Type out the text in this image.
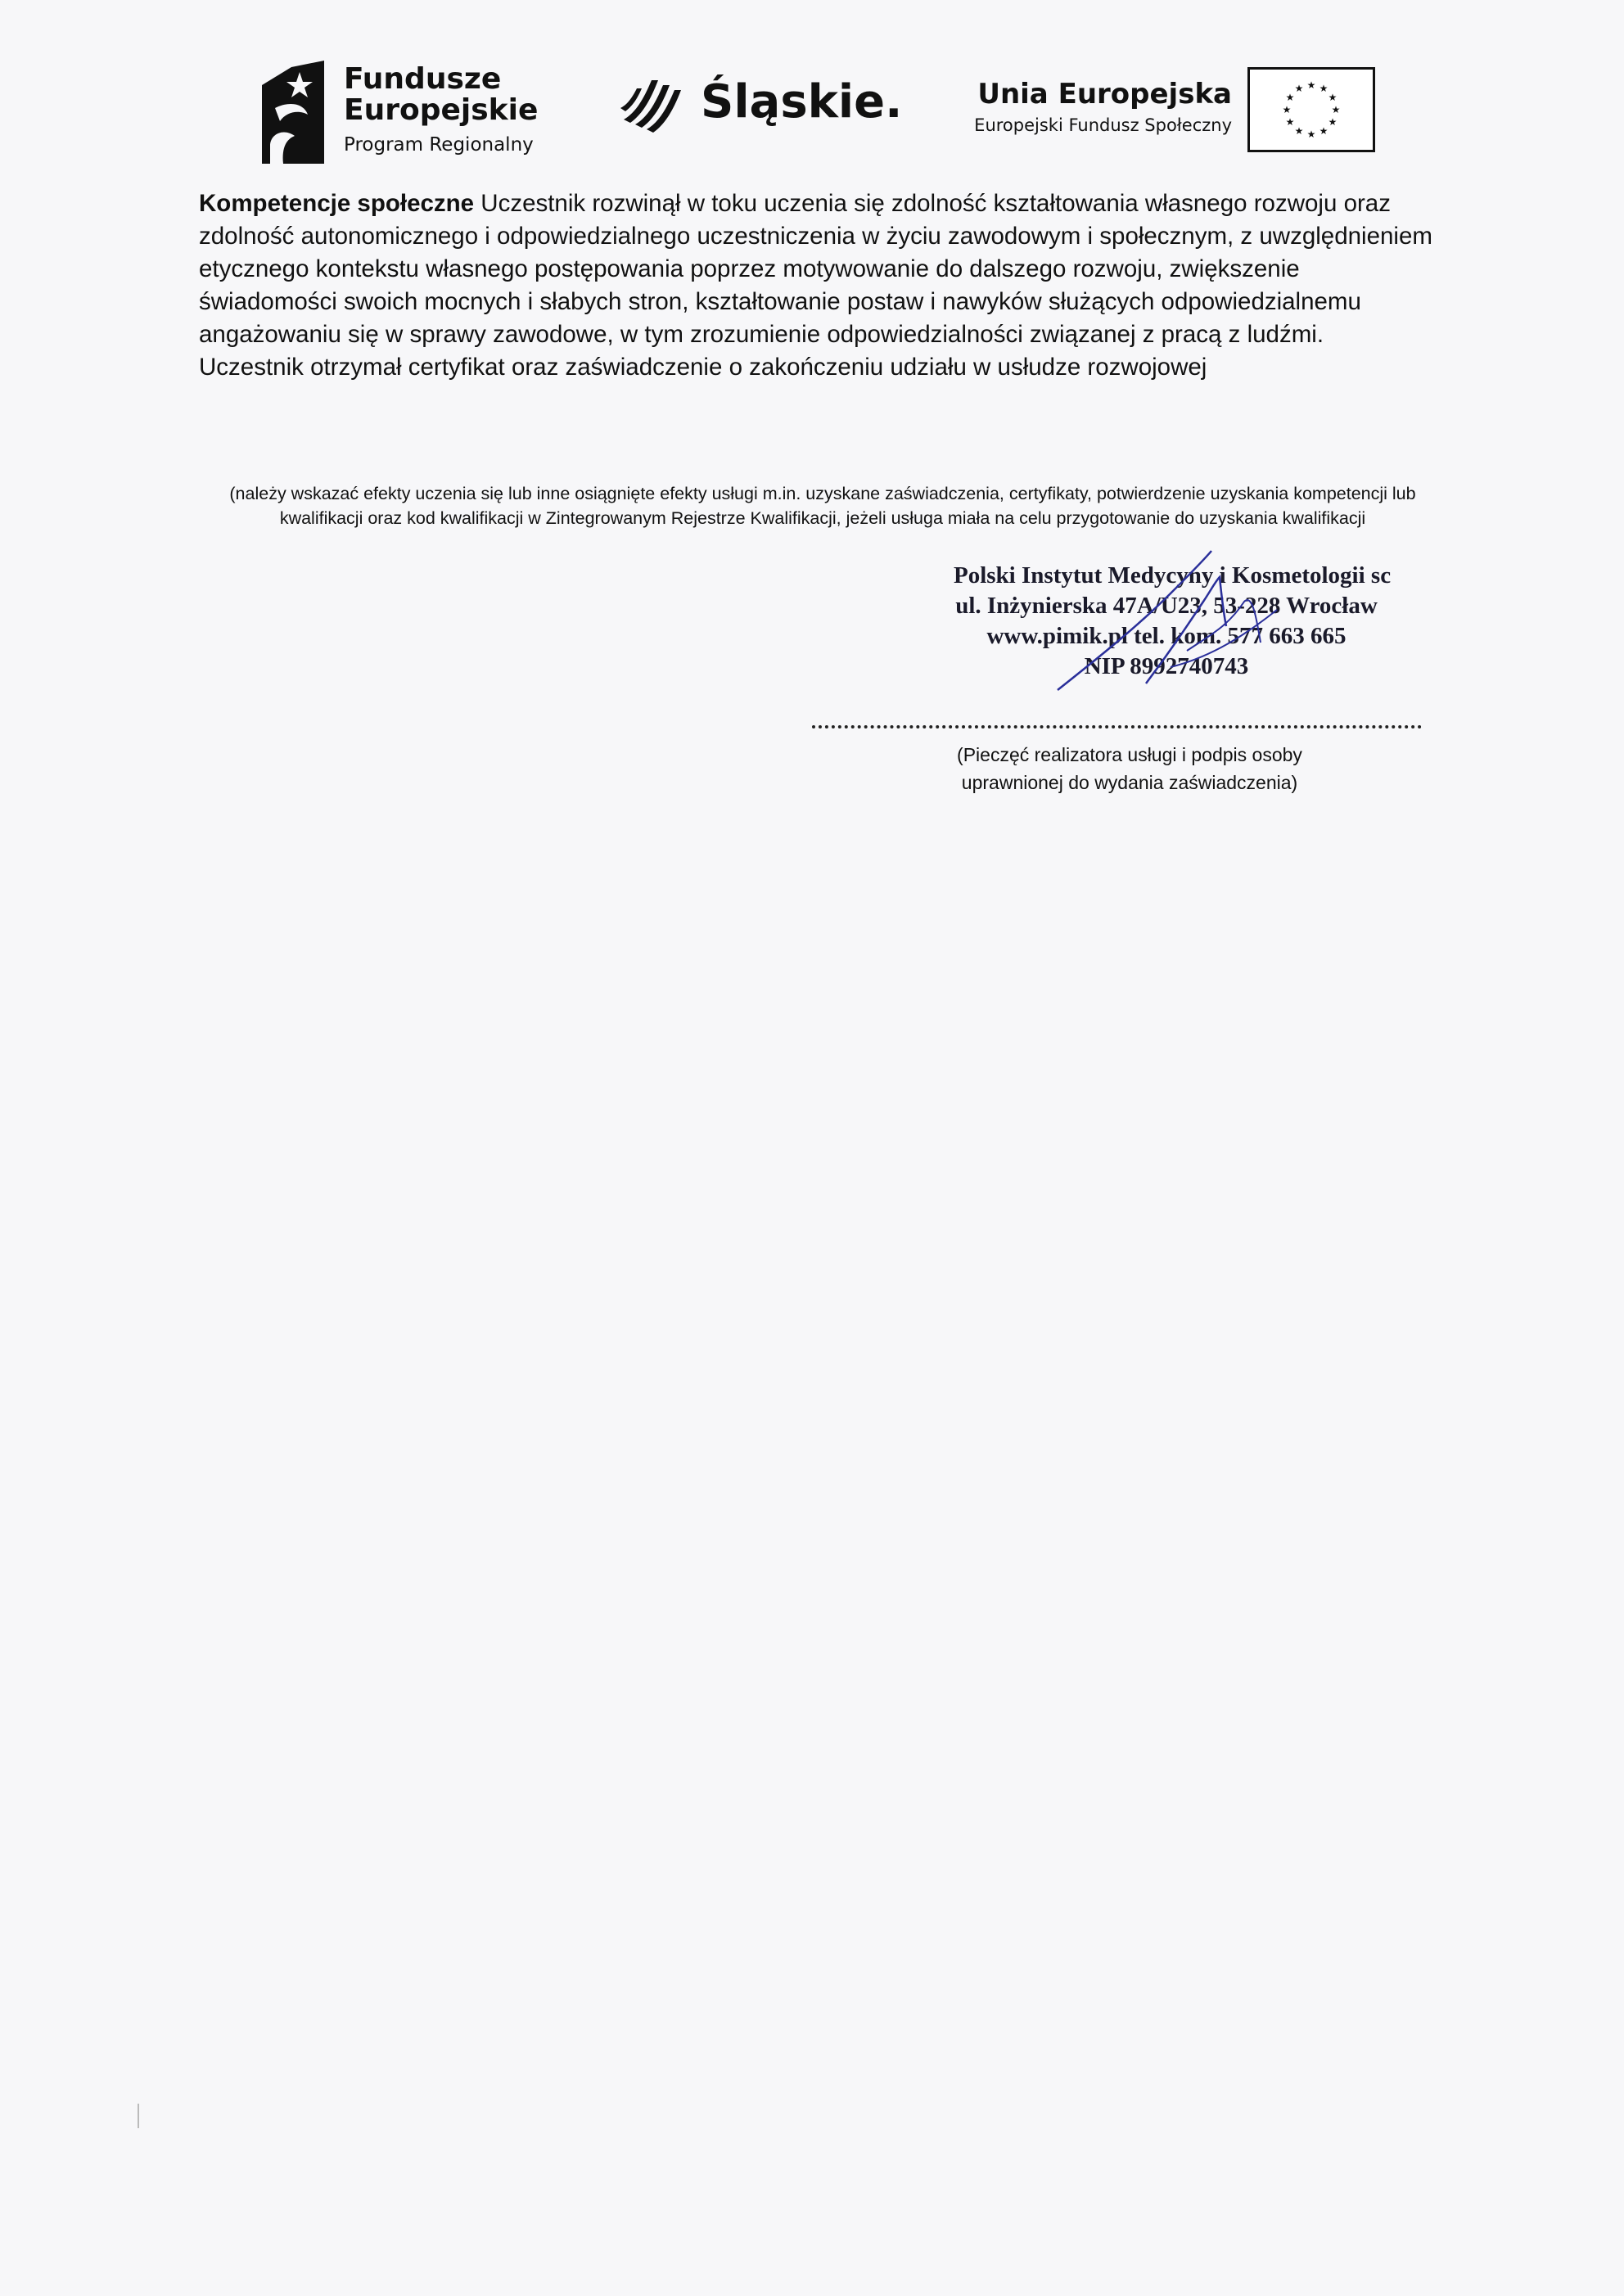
Fundusze
Europejskie
Program Regionalny
Śląskie.	Unia Europejska
Europejski Fundusz Społeczny
★ ★
★
★
★
★
★
★
★
★
★
★

Kompetencje społeczne Uczestnik rozwinął w toku uczenia się zdolność kształtowania własnego rozwoju oraz zdolność autonomicznego i odpowiedzialnego uczestniczenia w życiu zawodowym i społecznym, z uwzględnieniem etycznego kontekstu własnego postępowania poprzez motywowanie do dalszego rozwoju, zwiększenie świadomości swoich mocnych i słabych stron, kształtowanie postaw i nawyków służących odpowiedzialnemu angażowaniu się w sprawy zawodowe, w tym zrozumienie odpowiedzialności związanej z pracą z ludźmi.

Uczestnik otrzymał certyfikat oraz zaświadczenie o zakończeniu udziału w usłudze rozwojowej

(należy wskazać efekty uczenia się lub inne osiągnięte efekty usługi m.in. uzyskane zaświadczenia, certyfikaty, potwierdzenie uzyskania kompetencji lub kwalifikacji oraz kod kwalifikacji w Zintegrowanym Rejestrze Kwalifikacji, jeżeli usługa miała na celu przygotowanie do uzyskania kwalifikacji
Polski Instytut Medycyny i Kosmetologii sc
ul. Inżynierska 47A/U23, 53-228 Wrocław
www.pimik.pl tel. kom. 577 663 665
NIP 8992740743
(Pieczęć realizatora usługi i podpis osoby uprawnionej do wydania zaświadczenia)
